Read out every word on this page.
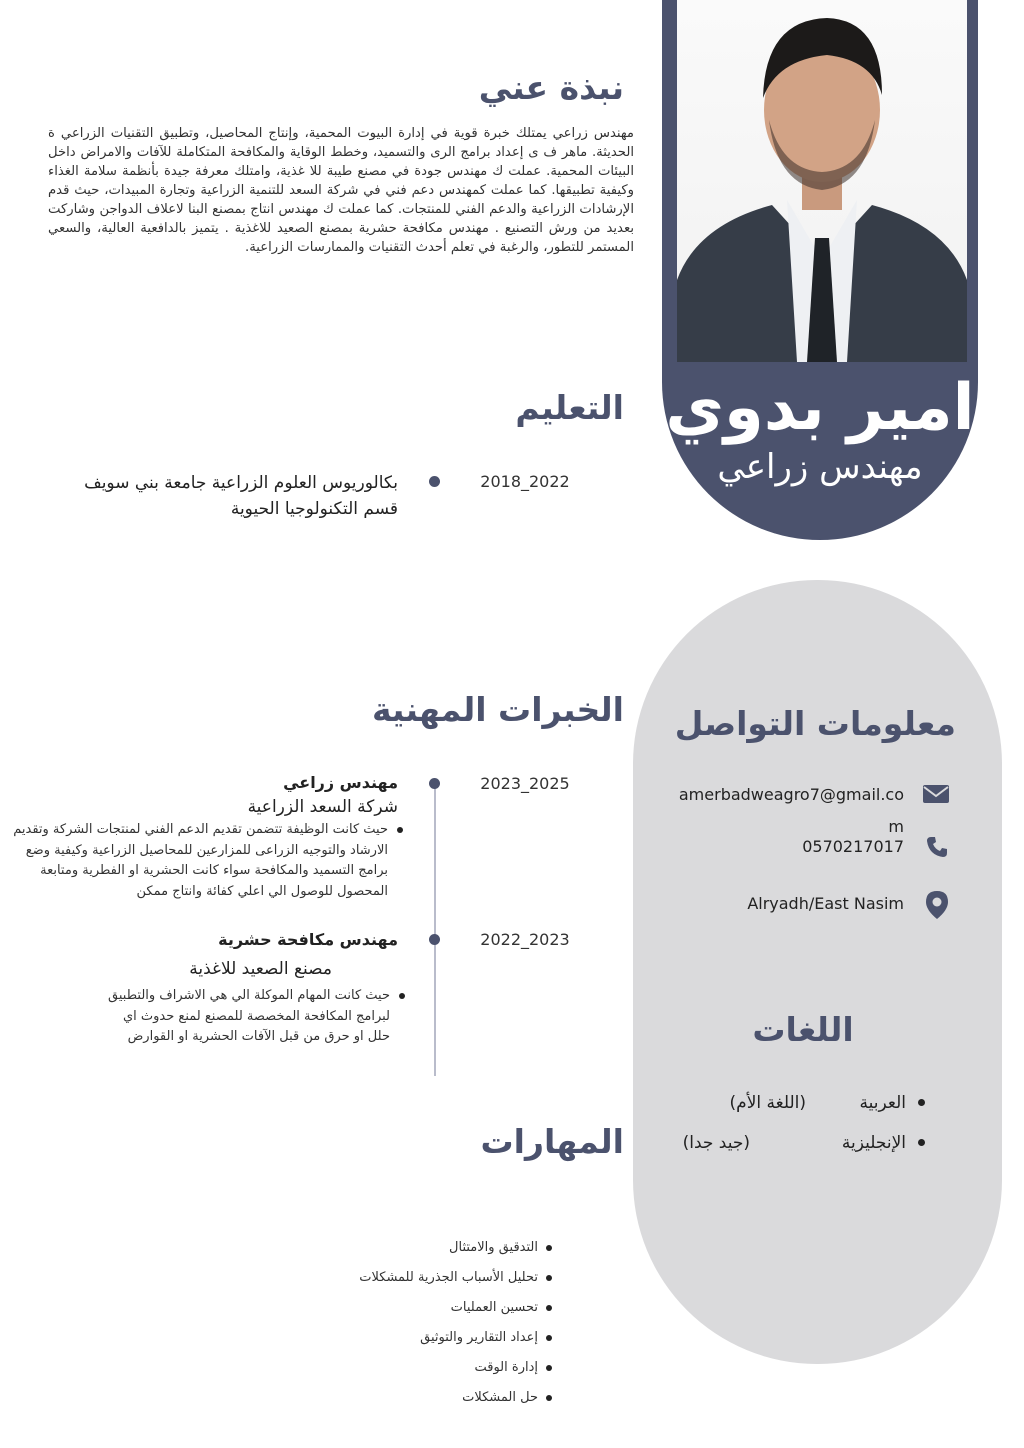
امير بدوي
مهندس زراعي
معلومات التواصل
amerbadweagro7@gmail.co
m
0570217017
Alryadh/East Nasim
اللغات
العربية
(اللغة الأم)
الإنجليزية
(جيد جدا)
نبذة عني
مهندس زراعي يمتلك خبرة قوية في إدارة البيوت المحمية، وإنتاج المحاصيل، وتطبيق التقنيات الزراعي ة الحديثة. ماهر ف ى إعداد برامج الرى والتسميد، وخطط الوقاية والمكافحة المتكاملة للآفات والامراض داخل البيئات المحمية. عملت ك مهندس جودة في مصنع طيبة للا غذية، وامتلك معرفة جيدة بأنظمة سلامة الغذاء وكيفية تطبيقها. كما عملت كمهندس دعم فني في شركة السعد للتنمية الزراعية وتجارة المبيدات، حيث قدم الإرشادات الزراعية والدعم الفني للمنتجات. كما عملت ك مهندس انتاج بمصنع البنا لاعلاف الدواجن وشاركت بعديد من ورش التصنيع . مهندس مكافحة حشرية بمصنع الصعيد للاغذية . يتميز بالدافعية العالية، والسعي المستمر للتطور، والرغبة في تعلم أحدث التقنيات والممارسات الزراعية.
التعليم
2018_2022
بكالوريوس العلوم الزراعية جامعة بني سويف قسم التكنولوجيا الحيوية
الخبرات المهنية
2023_2025
مهندس زراعي
شركة السعد الزراعية
حيث كانت الوظيفة تتضمن تقديم الدعم الفني لمنتجات الشركة وتقديم الارشاد والتوجيه الزراعى للمزارعين للمحاصيل الزراعية وكيفية وضع برامج التسميد والمكافحة سواء كانت الحشرية او الفطرية ومتابعة المحصول للوصول الي اعلي كفائة وانتاج ممكن
2022_2023
مهندس مكافحة حشرية
مصنع الصعيد للاغذية
حيث كانت المهام الموكلة الي هي الاشراف والتطبيق لبرامج المكافحة المخصصة للمصنع لمنع حدوث اي حلل او حرق من قبل الآفات الحشرية او القوارض
المهارات
التدقيق والامتثال
تحليل الأسباب الجذرية للمشكلات
تحسين العمليات
إعداد التقارير والتوثيق
إدارة الوقت
حل المشكلات
